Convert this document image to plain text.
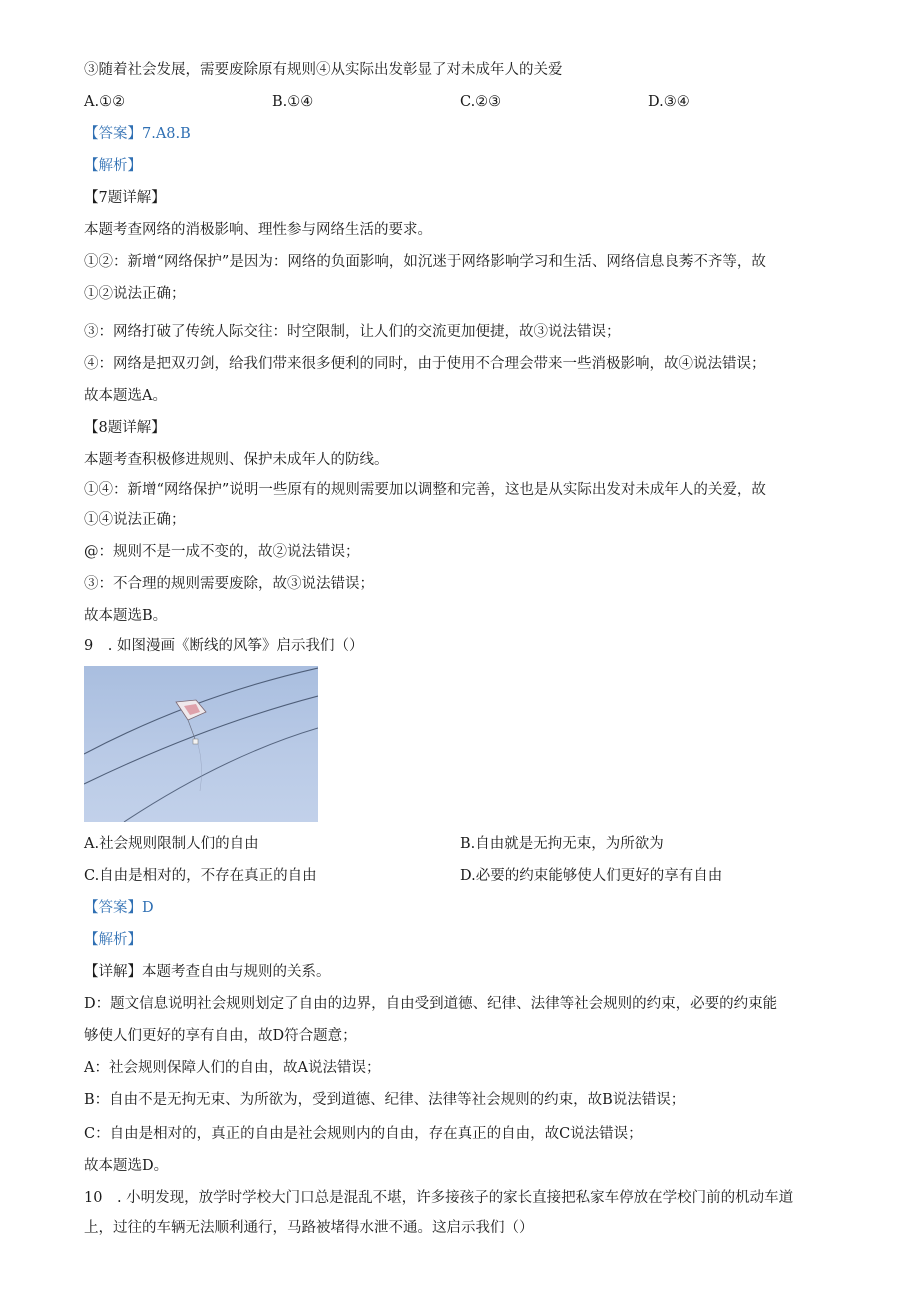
③随着社会发展，需要废除原有规则④从实际出发彰显了对未成年人的关爱
A.①②	B.①④	C.②③	D.③④
【答案】7.A8.B
【解析】
【7题详解】
本题考查网络的消极影响、理性参与网络生活的要求。
①②：新增“网络保护”是因为：网络的负面影响，如沉迷于网络影响学习和生活、网络信息良莠不齐等，故
①②说法正确；
③：网络打破了传统人际交往：时空限制，让人们的交流更加便捷，故③说法错误；
④：网络是把双刃剑，给我们带来很多便利的同时，由于使用不合理会带来一些消极影响，故④说法错误；
故本题选A。
【8题详解】
本题考查积极修进规则、保护未成年人的防线。
①④：新增“网络保护”说明一些原有的规则需要加以调整和完善，这也是从实际出发对未成年人的关爱，故
①④说法正确；
@：规则不是一成不变的，故②说法错误；
③：不合理的规则需要废除，故③说法错误；
故本题选B。
9　. 如图漫画《断线的风筝》启示我们（）
A.社会规则限制人们的自由	B.自由就是无拘无束，为所欲为
C.自由是相对的，不存在真正的自由	D.必要的约束能够使人们更好的享有自由
【答案】D
【解析】
【详解】本题考查自由与规则的关系。
D：题文信息说明社会规则划定了自由的边界，自由受到道德、纪律、法律等社会规则的约束，必要的约束能
够使人们更好的享有自由，故D符合题意；
A：社会规则保障人们的自由，故A说法错误；
B：自由不是无拘无束、为所欲为，受到道德、纪律、法律等社会规则的约束，故B说法错误；
C：自由是相对的，真正的自由是社会规则内的自由，存在真正的自由，故C说法错误；
故本题选D。
10　. 小明发现，放学时学校大门口总是混乱不堪，许多接孩子的家长直接把私家车停放在学校门前的机动车道
上，过往的车辆无法顺利通行，马路被堵得水泄不通。这启示我们（）
